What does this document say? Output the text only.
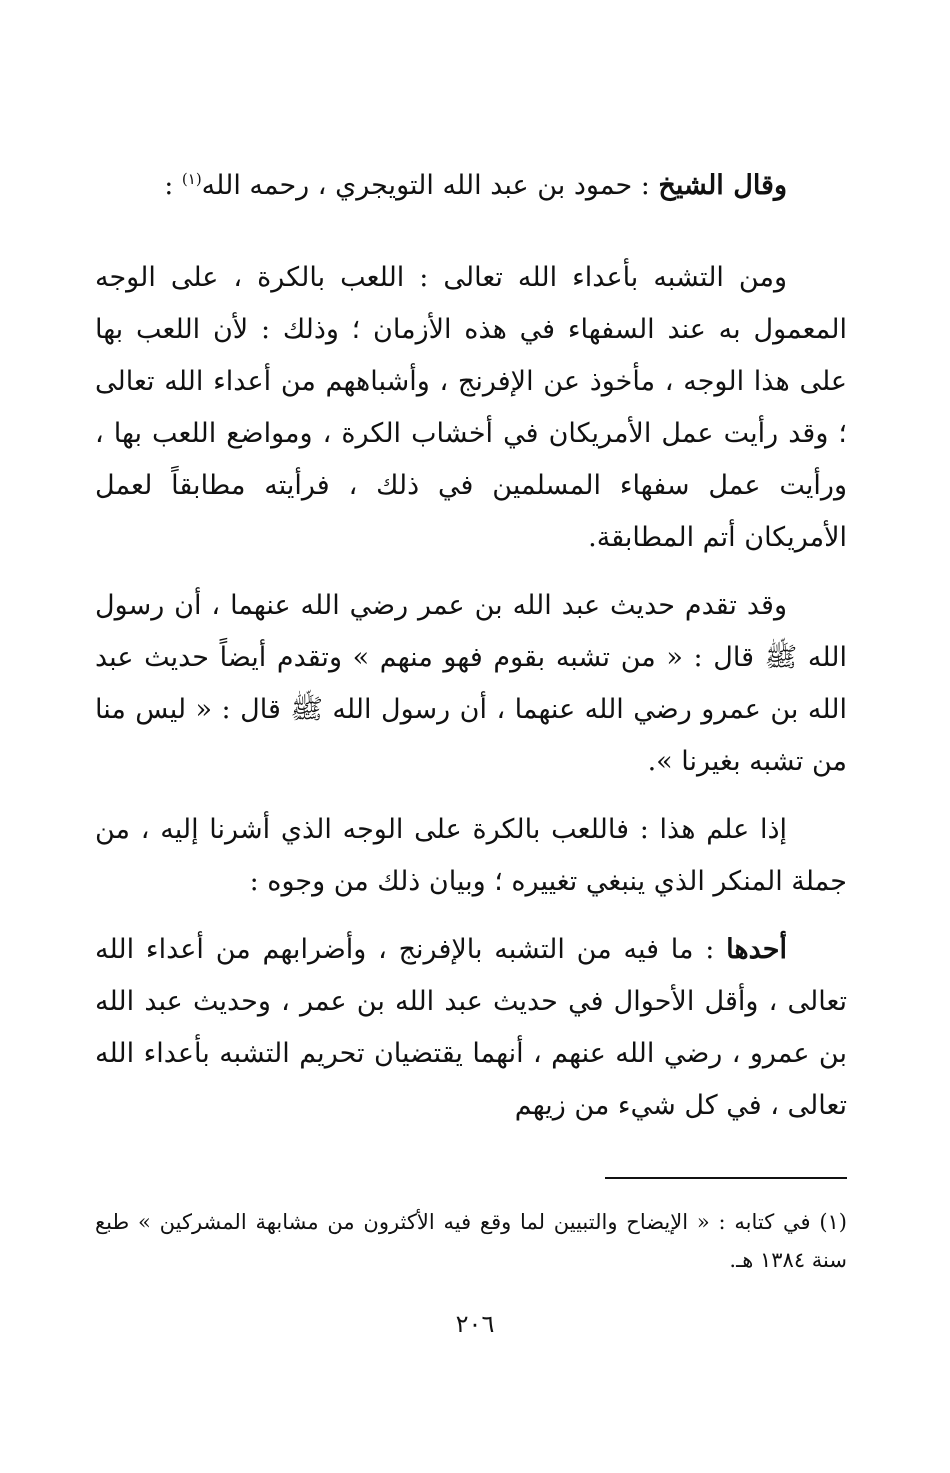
وقال الشيخ : حمود بن عبد الله التويجري ، رحمه الله$^{(١)}$ :

ومن التشبه بأعداء الله تعالى : اللعب بالكرة ، على الوجه المعمول به عند السفهاء في هذه الأزمان ؛ وذلك : لأن اللعب بها على هذا الوجه ، مأخوذ عن الإفرنج ، وأشباههم من أعداء الله تعالى ؛ وقد رأيت عمل الأمريكان في أخشاب الكرة ، ومواضع اللعب بها ، ورأيت عمل سفهاء المسلمين في ذلك ، فرأيته مطابقاً لعمل الأمريكان أتم المطابقة.

وقد تقدم حديث عبد الله بن عمر رضي الله عنهما ، أن رسول الله ﷺ قال : « من تشبه بقوم فهو منهم » وتقدم أيضاً حديث عبد الله بن عمرو رضي الله عنهما ، أن رسول الله ﷺ قال : « ليس منا من تشبه بغيرنا ».

إذا علم هذا : فاللعب بالكرة على الوجه الذي أشرنا إليه ، من جملة المنكر الذي ينبغي تغييره ؛ وبيان ذلك من وجوه :

أحدها : ما فيه من التشبه بالإفرنج ، وأضرابهم من أعداء الله تعالى ، وأقل الأحوال في حديث عبد الله بن عمر ، وحديث عبد الله بن عمرو ، رضي الله عنهم ، أنهما يقتضيان تحريم التشبه بأعداء الله تعالى ، في كل شيء من زيهم

(١) في كتابه : « الإيضاح والتبيين لما وقع فيه الأكثرون من مشابهة المشركين » طبع سنة ١٣٨٤ هـ.
٢٠٦
